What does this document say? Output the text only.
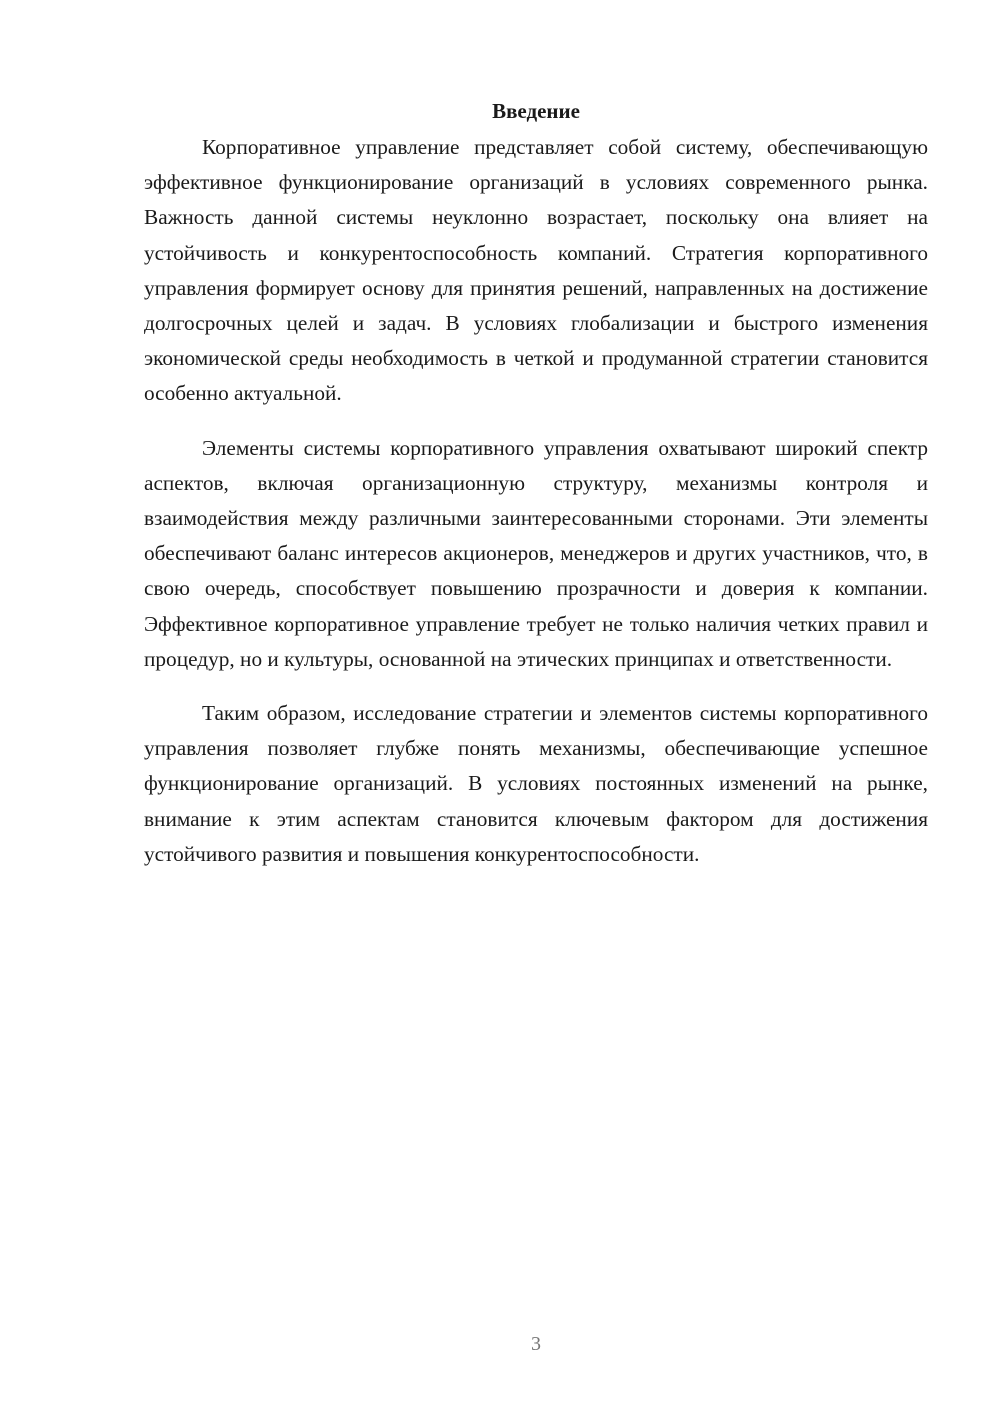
Введение

Корпоративное управление представляет собой систему, обеспечивающую эффективное функционирование организаций в условиях современного рынка. Важность данной системы неуклонно возрастает, поскольку она влияет на устойчивость и конкурентоспособность компаний. Стратегия корпоративного управления формирует основу для принятия решений, направленных на достижение долгосрочных целей и задач. В условиях глобализации и быстрого изменения экономической среды необходимость в четкой и продуманной стратегии становится особенно актуальной.

Элементы системы корпоративного управления охватывают широкий спектр аспектов, включая организационную структуру, механизмы контроля и взаимодействия между различными заинтересованными сторонами. Эти элементы обеспечивают баланс интересов акционеров, менеджеров и других участников, что, в свою очередь, способствует повышению прозрачности и доверия к компании. Эффективное корпоративное управление требует не только наличия четких правил и процедур, но и культуры, основанной на этических принципах и ответственности.

Таким образом, исследование стратегии и элементов системы корпоративного управления позволяет глубже понять механизмы, обеспечивающие успешное функционирование организаций. В условиях постоянных изменений на рынке, внимание к этим аспектам становится ключевым фактором для достижения устойчивого развития и повышения конкурентоспособности.

3
